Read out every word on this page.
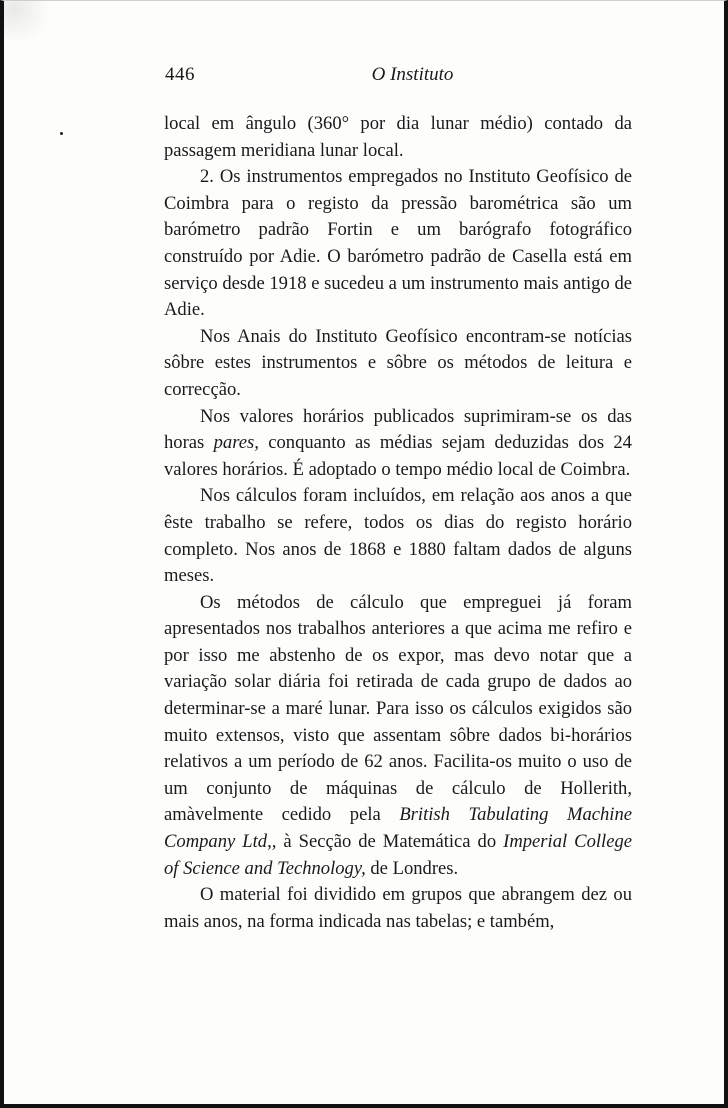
446	O Instituto

local em ângulo (360° por dia lunar médio) contado da passagem meridiana lunar local.

2. Os instrumentos empregados no Instituto Geofísico de Coimbra para o registo da pressão barométrica são um barómetro padrão Fortin e um barógrafo fotográfico construído por Adie. O barómetro padrão de Casella está em serviço desde 1918 e sucedeu a um instrumento mais antigo de Adie.

Nos Anais do Instituto Geofísico encontram-se notícias sôbre estes instrumentos e sôbre os métodos de leitura e correcção.

Nos valores horários publicados suprimiram-se os das horas pares, conquanto as médias sejam deduzidas dos 24 valores horários. É adoptado o tempo médio local de Coimbra.

Nos cálculos foram incluídos, em relação aos anos a que êste trabalho se refere, todos os dias do registo horário completo. Nos anos de 1868 e 1880 faltam dados de alguns meses.

Os métodos de cálculo que empreguei já foram apresentados nos trabalhos anteriores a que acima me refiro e por isso me abstenho de os expor, mas devo notar que a variação solar diária foi retirada de cada grupo de dados ao determinar-se a maré lunar. Para isso os cálculos exigidos são muito extensos, visto que assentam sôbre dados bi-horários relativos a um período de 62 anos. Facilita-os muito o uso de um conjunto de máquinas de cálculo de Hollerith, amàvelmente cedido pela British Tabulating Machine Company Ltd,, à Secção de Matemática do Imperial College of Science and Technology, de Londres.

O material foi dividido em grupos que abrangem dez ou mais anos, na forma indicada nas tabelas; e também,
